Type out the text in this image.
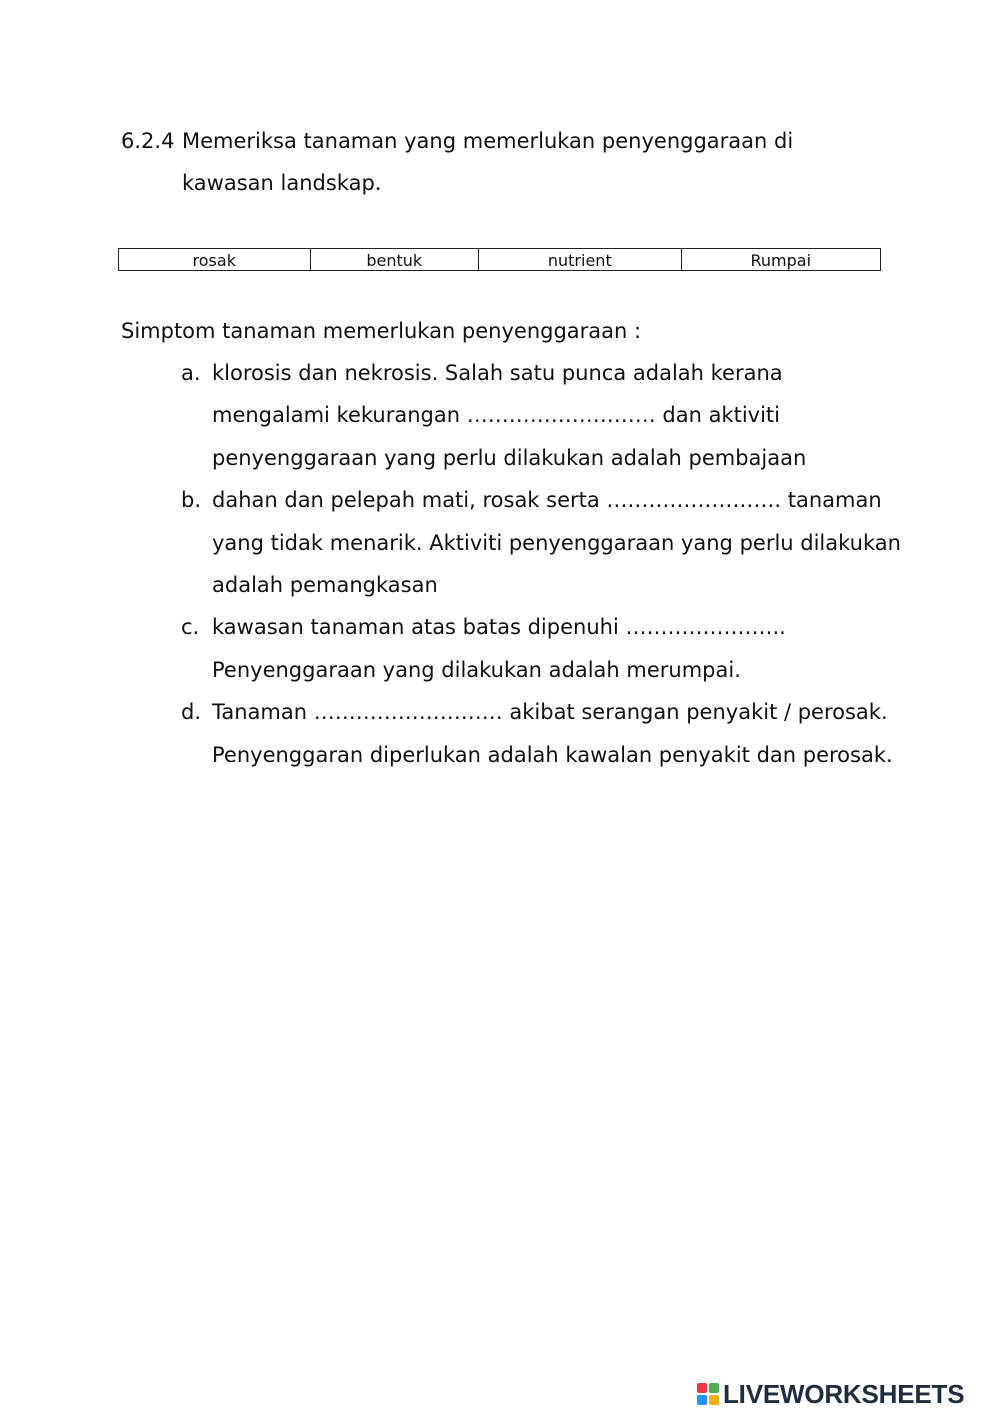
6.2.4 Memeriksa tanaman yang memerlukan penyenggaraan di
kawasan landskap.
rosak	bentuk	nutrient	Rumpai
Simptom tanaman memerlukan penyenggaraan :
a. klorosis dan nekrosis. Salah satu punca adalah kerana mengalami kekurangan ……………………… dan aktiviti penyenggaraan yang perlu dilakukan adalah pembajaan
b. dahan dan pelepah mati, rosak serta ……………………. tanaman yang tidak menarik. Aktiviti penyenggaraan yang perlu dilakukan adalah pemangkasan
c. kawasan tanaman atas batas dipenuhi ………………….. Penyenggaraan yang dilakukan adalah merumpai.
d. Tanaman ……………………… akibat serangan penyakit / perosak. Penyenggaran diperlukan adalah kawalan penyakit dan perosak.
LIVEWORKSHEETS
